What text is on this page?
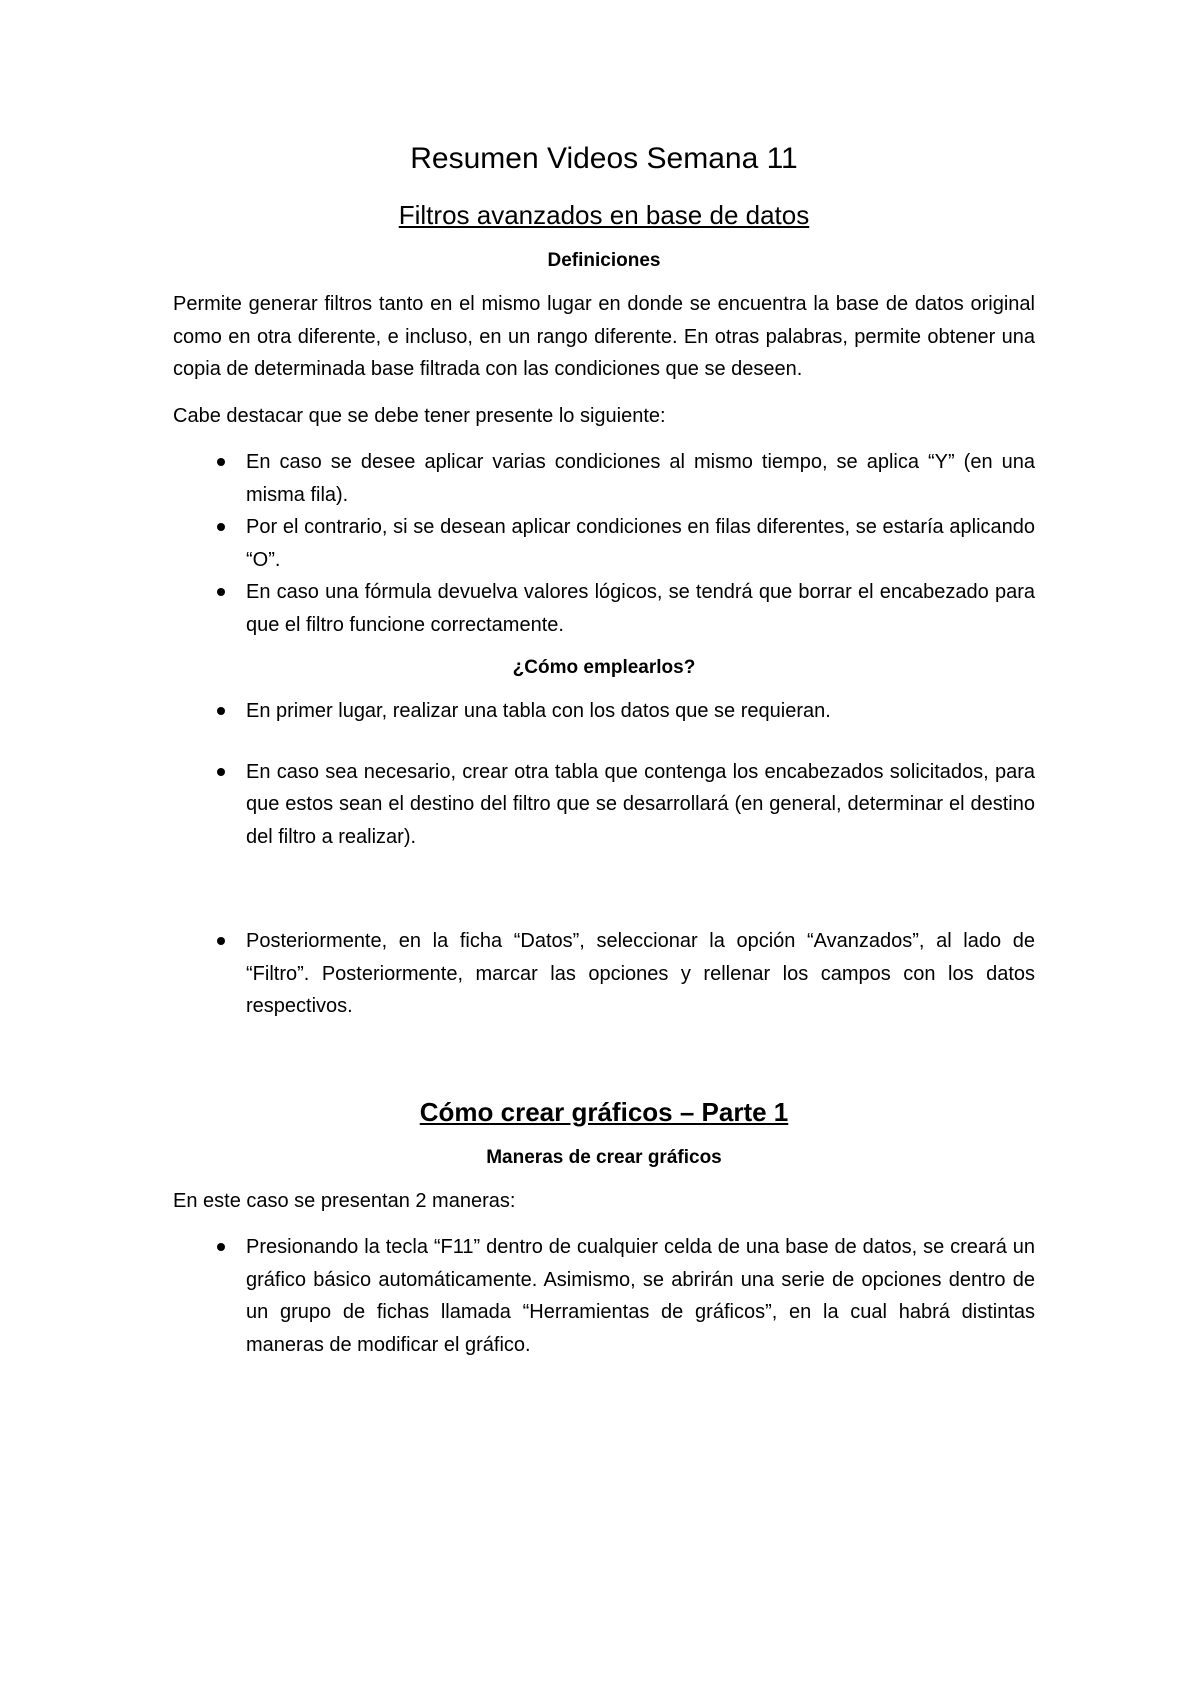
Resumen Videos Semana 11
Filtros avanzados en base de datos
Definiciones

Permite generar filtros tanto en el mismo lugar en donde se encuentra la base de datos original como en otra diferente, e incluso, en un rango diferente. En otras palabras, permite obtener una copia de determinada base filtrada con las condiciones que se deseen.

Cabe destacar que se debe tener presente lo siguiente:

En caso se desee aplicar varias condiciones al mismo tiempo, se aplica “Y” (en una misma fila).
Por el contrario, si se desean aplicar condiciones en filas diferentes, se estaría aplicando “O”.
En caso una fórmula devuelva valores lógicos, se tendrá que borrar el encabezado para que el filtro funcione correctamente.
¿Cómo emplearlos?
En primer lugar, realizar una tabla con los datos que se requieran.
En caso sea necesario, crear otra tabla que contenga los encabezados solicitados, para que estos sean el destino del filtro que se desarrollará (en general, determinar el destino del filtro a realizar).
Posteriormente, en la ficha “Datos”, seleccionar la opción “Avanzados”, al lado de “Filtro”. Posteriormente, marcar las opciones y rellenar los campos con los datos respectivos.
Cómo crear gráficos – Parte 1
Maneras de crear gráficos

En este caso se presentan 2 maneras:

Presionando la tecla “F11” dentro de cualquier celda de una base de datos, se creará un gráfico básico automáticamente. Asimismo, se abrirán una serie de opciones dentro de un grupo de fichas llamada “Herramientas de gráficos”, en la cual habrá distintas maneras de modificar el gráfico.
